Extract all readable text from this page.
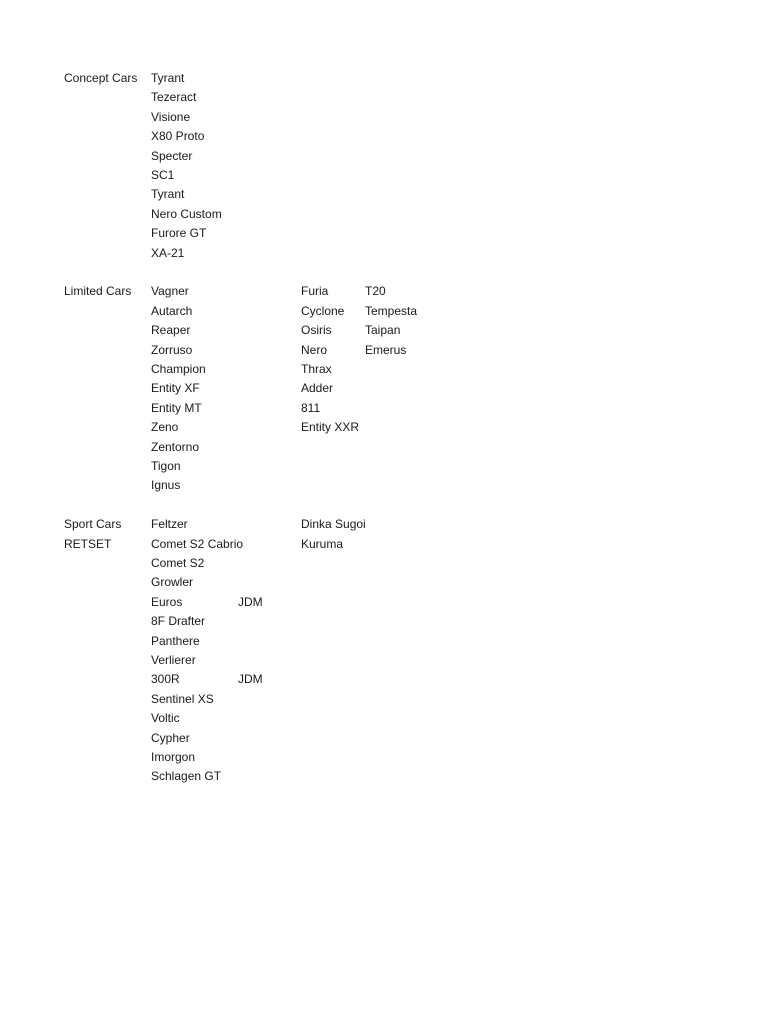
Concept Cars Tyrant
Tezeract
Visione
X80 Proto
Specter
SC1
Tyrant
Nero Custom
Furore GT
XA-21
Limited Cars Vagner
Autarch
Reaper
Zorruso
Champion
Entity XF
Entity MT
Zeno
Zentorno
Tigon
Ignus
Furia
Cyclone
Osiris
Nero
Thrax
Adder
811
Entity XXR
T20
Tempesta
Taipan
Emerus
Sport Cars
RETSET
Feltzer
Comet S2 Cabrio
Comet S2
Growler
Euros
8F Drafter
Panthere
Verlierer
300R
Sentinel XS
Voltic
Cypher
Imorgon
Schlagen GT
JDM
JDM
Dinka Sugoi
Kuruma
